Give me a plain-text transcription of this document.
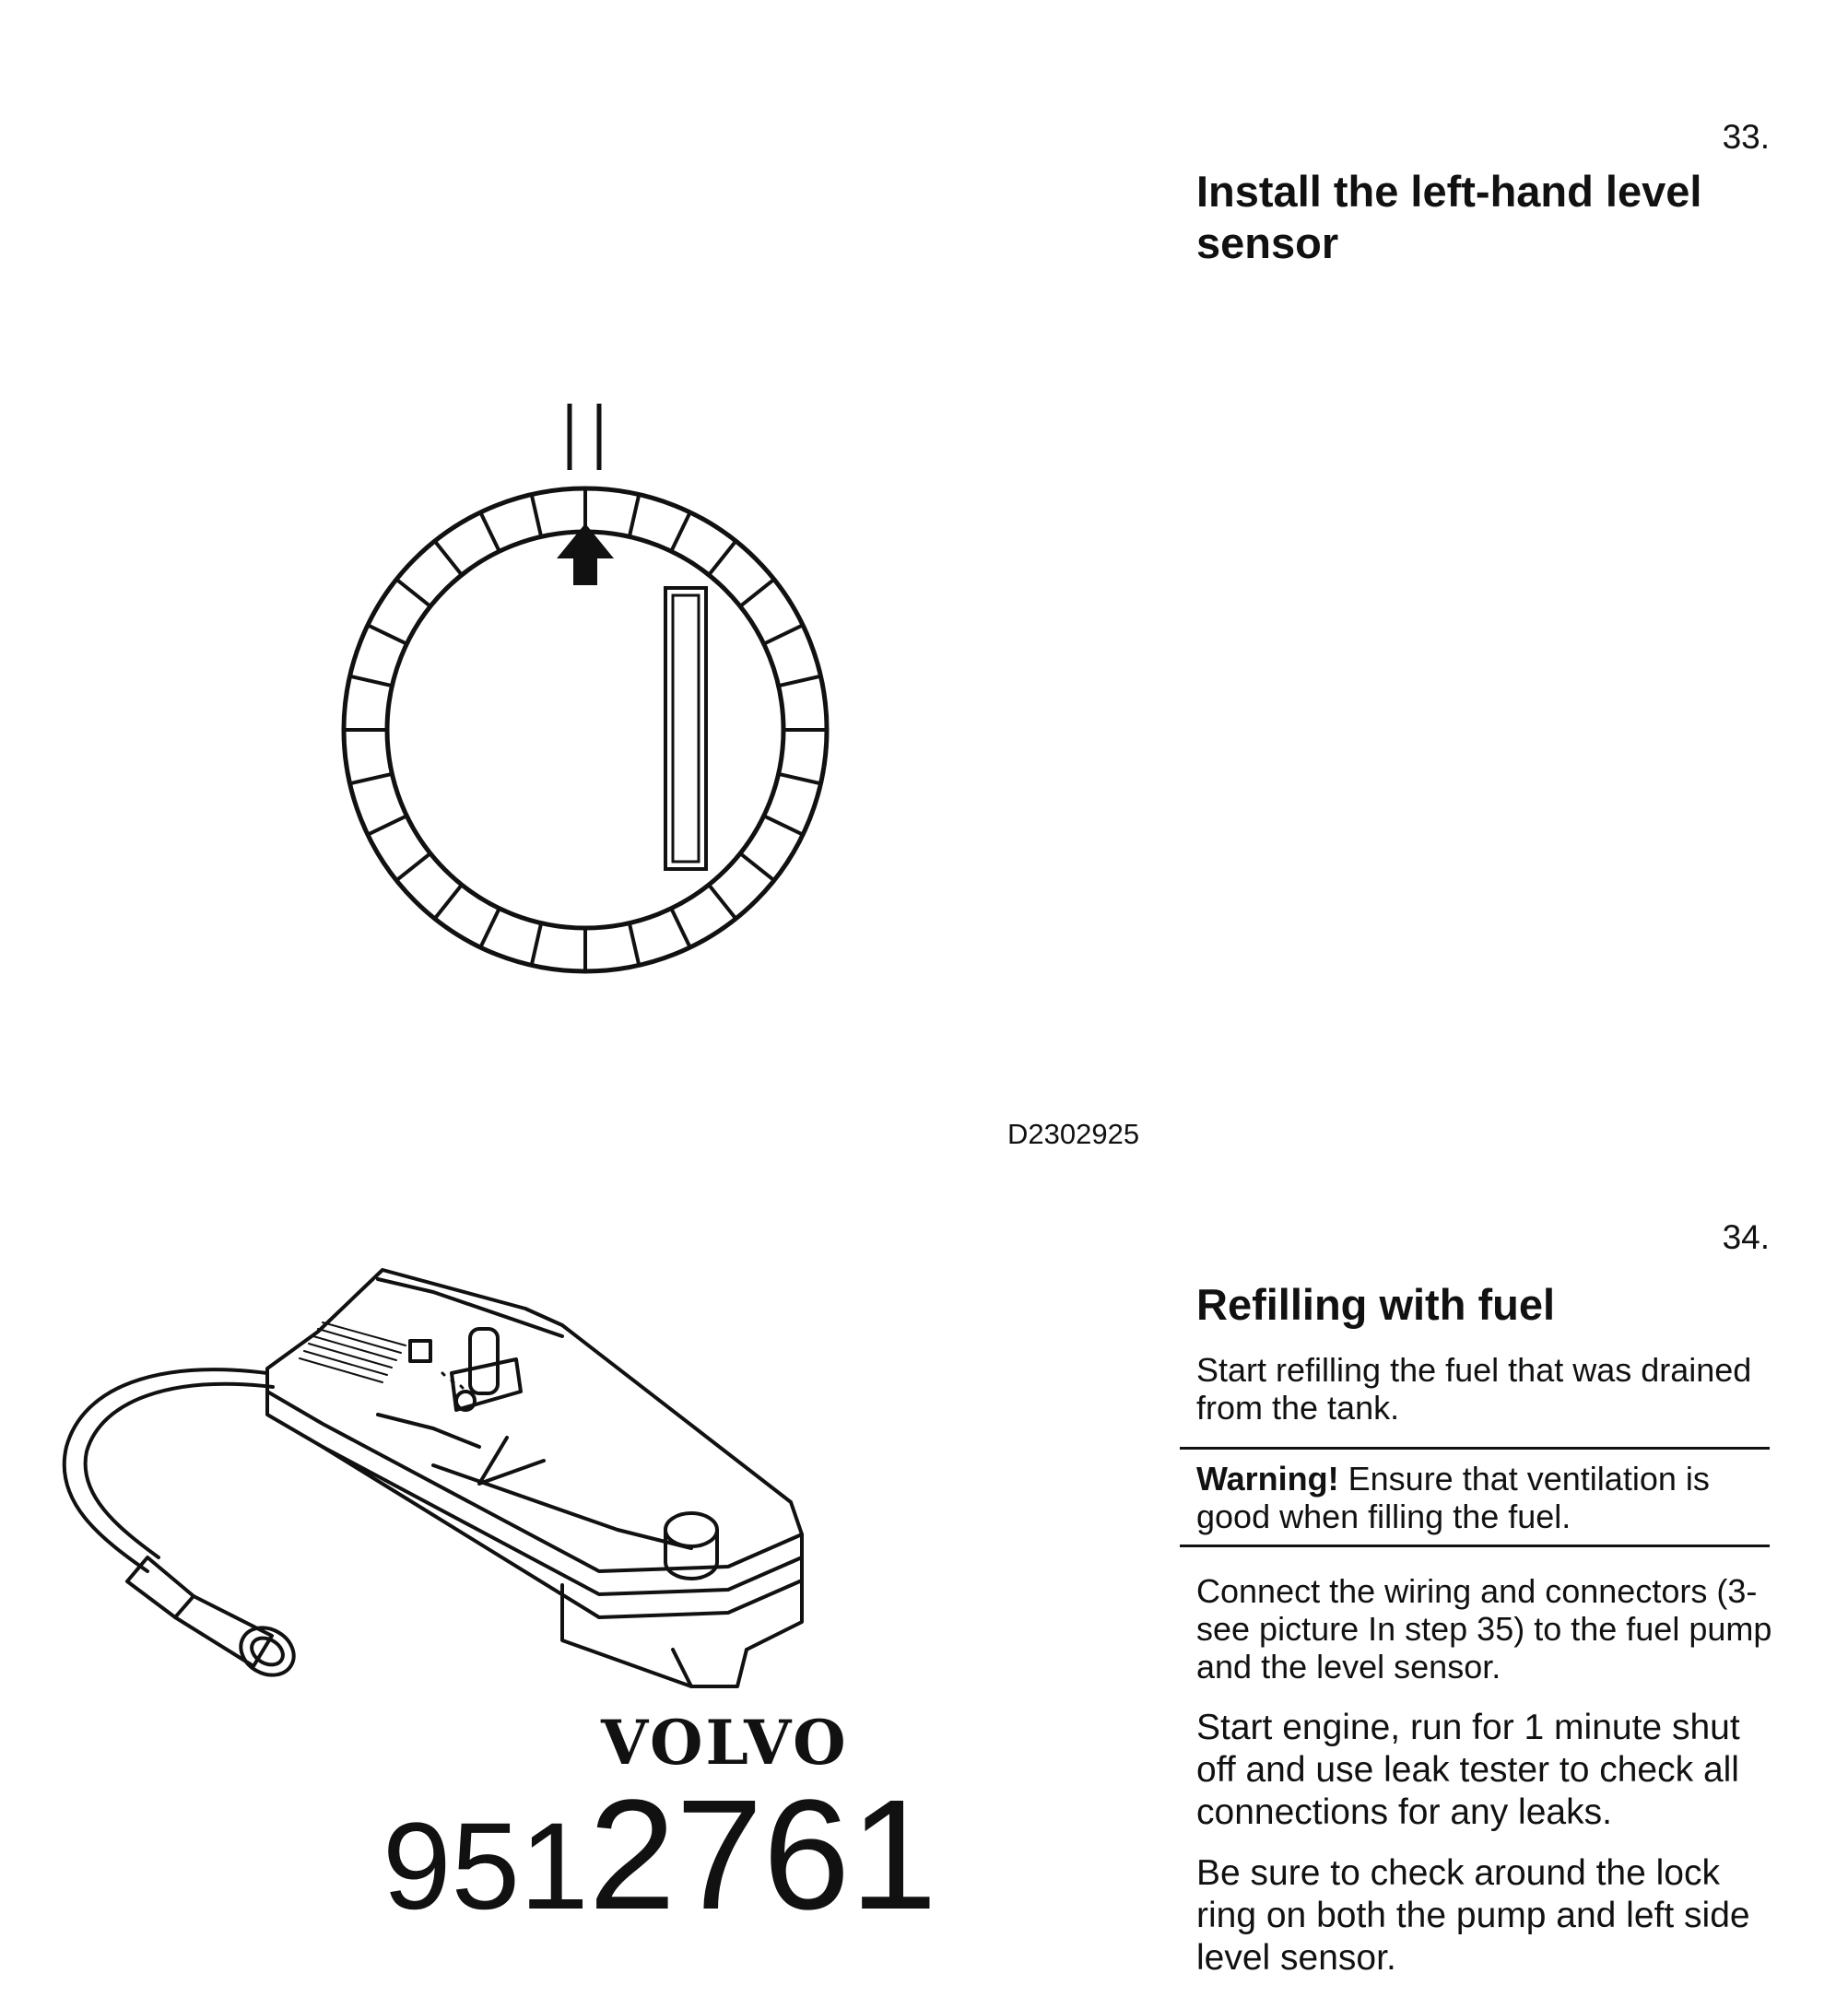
33.
Install the left-hand level sensor
D2302925
34.
Refilling with fuel
Start refilling the fuel that was drained from the tank.
Warning! Ensure that ventilation is good when filling the fuel.
Connect the wiring and connectors (3-see picture In step 35) to the fuel pump and the level sensor.
Start engine, run for 1 minute shut off and use leak tester to check all connections for any leaks.
Be sure to check around the lock ring on both the pump and left side level sensor.
VOLVO
9512761
